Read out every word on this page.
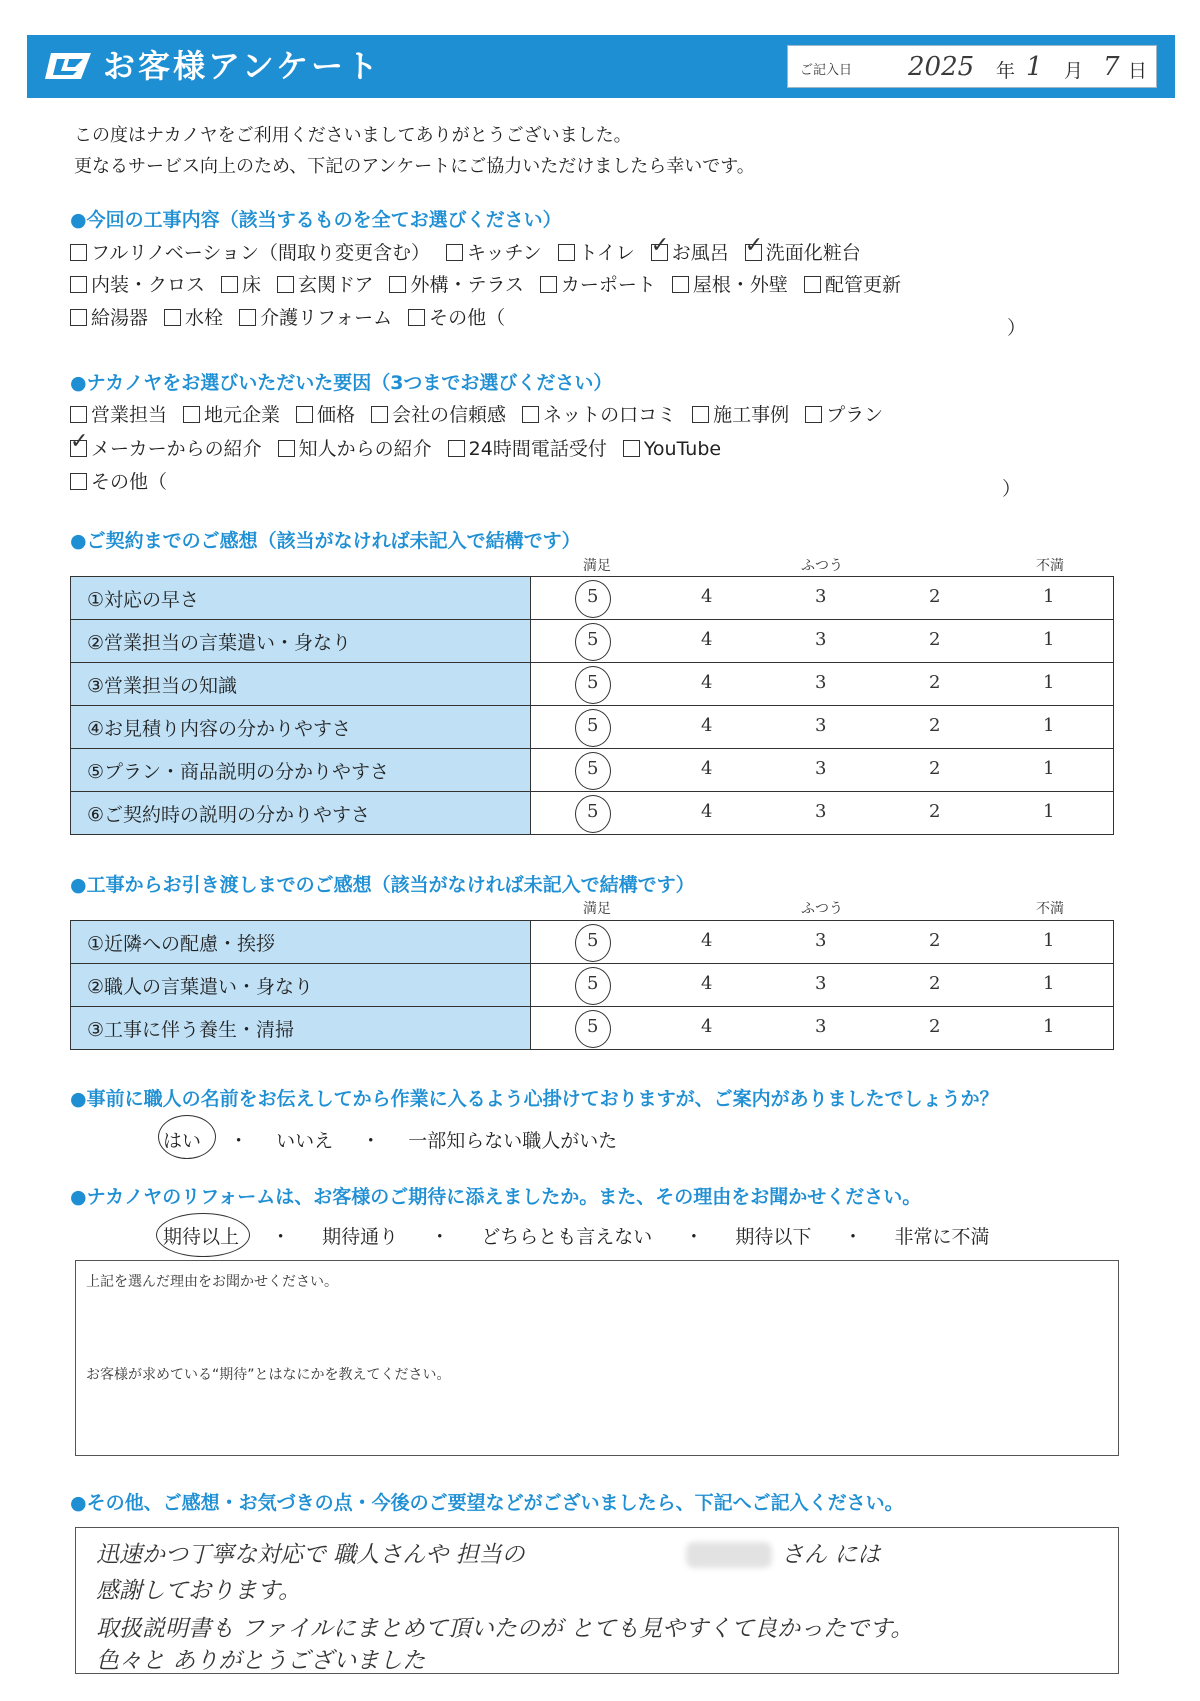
お客様アンケート	ご記入日 2025 年 1 月 7 日
この度はナカノヤをご利用くださいましてありがとうございました。
更なるサービス向上のため、下記のアンケートにご協力いただけましたら幸いです。
●今回の工事内容（該当するものを全てお選びください）
フルリノベーション（間取り変更含む） キッチン トイレ ✓ お風呂 ✓ 洗面化粧台
内装・クロス 床 玄関ドア 外構・テラス カーポート 屋根・外壁 配管更新
給湯器 水栓 介護リフォーム その他（	）
●ナカノヤをお選びいただいた要因（3つまでお選びください）
営業担当 地元企業 価格 会社の信頼感 ネットの口コミ 施工事例 プラン
✓メーカーからの紹介 知人からの紹介 24時間電話受付 YouTube
その他（	）
●ご契約までのご感想（該当がなければ未記入で結構です）
満足	ふつう	不満
①対応の早さ	5 4 3 2 1

②営業担当の言葉遣い・身なり	5 4 3 2 1

③営業担当の知識	5 4 3 2 1

④お見積り内容の分かりやすさ	5 4 3 2 1

⑤プラン・商品説明の分かりやすさ	5 4 3 2 1

⑥ご契約時の説明の分かりやすさ	5 4 3 2 1
●工事からお引き渡しまでのご感想（該当がなければ未記入で結構です）
満足	ふつう	不満
①近隣への配慮・挨拶	5 4 3 2 1

②職人の言葉遣い・身なり	5 4 3 2 1

③工事に伴う養生・清掃	5 4 3 2 1
●事前に職人の名前をお伝えしてから作業に入るよう心掛けておりますが、ご案内がありましたでしょうか？
はい ・ いいえ ・ 一部知らない職人がいた
●ナカノヤのリフォームは、お客様のご期待に添えましたか。また、その理由をお聞かせください。
期待以上 ・ 期待通り ・ どちらとも言えない ・ 期待以下 ・ 非常に不満
上記を選んだ理由をお聞かせください。
お客様が求めている“期待”とはなにかを教えてください。
●その他、ご感想・お気づきの点・今後のご要望などがございましたら、下記へご記入ください。
迅速かつ丁寧な対応で 職人さんや 担当の	さん には
感謝しております。
取扱説明書も ファイルにまとめて頂いたのが とても見やすくて良かったです。
色々と ありがとうございました
